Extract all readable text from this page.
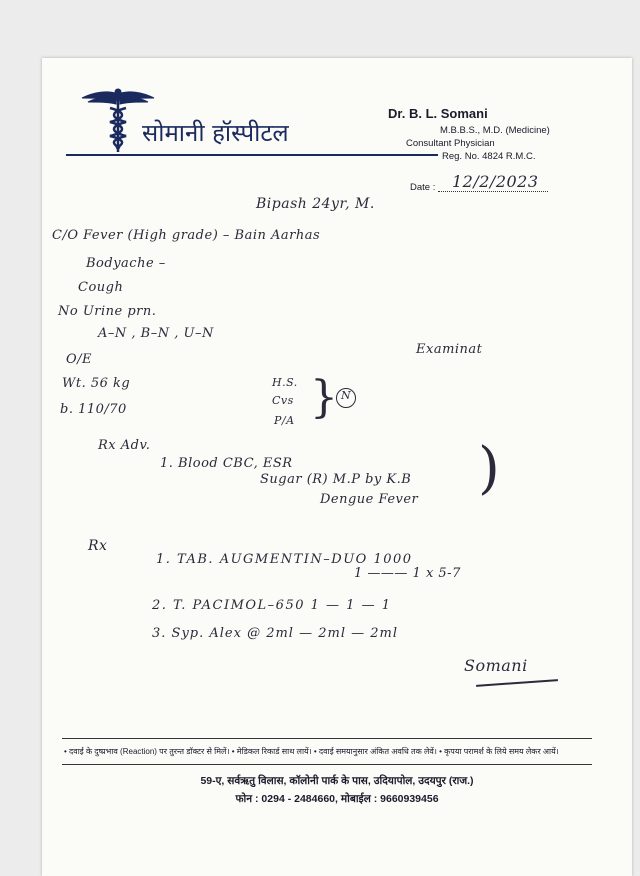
सोमानी हॉस्पीटल
Dr. B. L. Somani
M.B.B.S., M.D. (Medicine)
Consultant Physician
Reg. No. 4824 R.M.C.
Date : 12/2/2023
Bipash 24yr, M.
C/O Fever (High grade) – Bain Aarhas
Bodyache –
Cough
No Urine prn.
A–N , B–N , U–N
Examinat
O/E
Wt. 56 kg
b. 110/70
H.S.
Cvs
P/A } N
Rx Adv.
1. Blood CBC, ESR
Sugar (R) M.P by K.B
Dengue Fever )
Rx
1. TAB. AUGMENTIN–DUO 1000
1 ——— 1 x 5-7
2. T. PACIMOL–650 1 — 1 — 1
3. Syp. Alex @ 2ml — 2ml — 2ml
Somani
• दवाई के दुष्प्रभाव (Reaction) पर तुरन्त डॉक्टर से मिलें। • मेडिकल रिकार्ड साथ लायें। • दवाई समयानुसार अंकित अवधि तक लेवें। • कृपया परामर्श के लिये समय लेकर आयें।
59-ए, सर्वऋतु विलास, कॉलोनी पार्क के पास, उदियापोल, उदयपुर (राज.)
फोन : 0294 - 2484660, मोबाईल : 9660939456
